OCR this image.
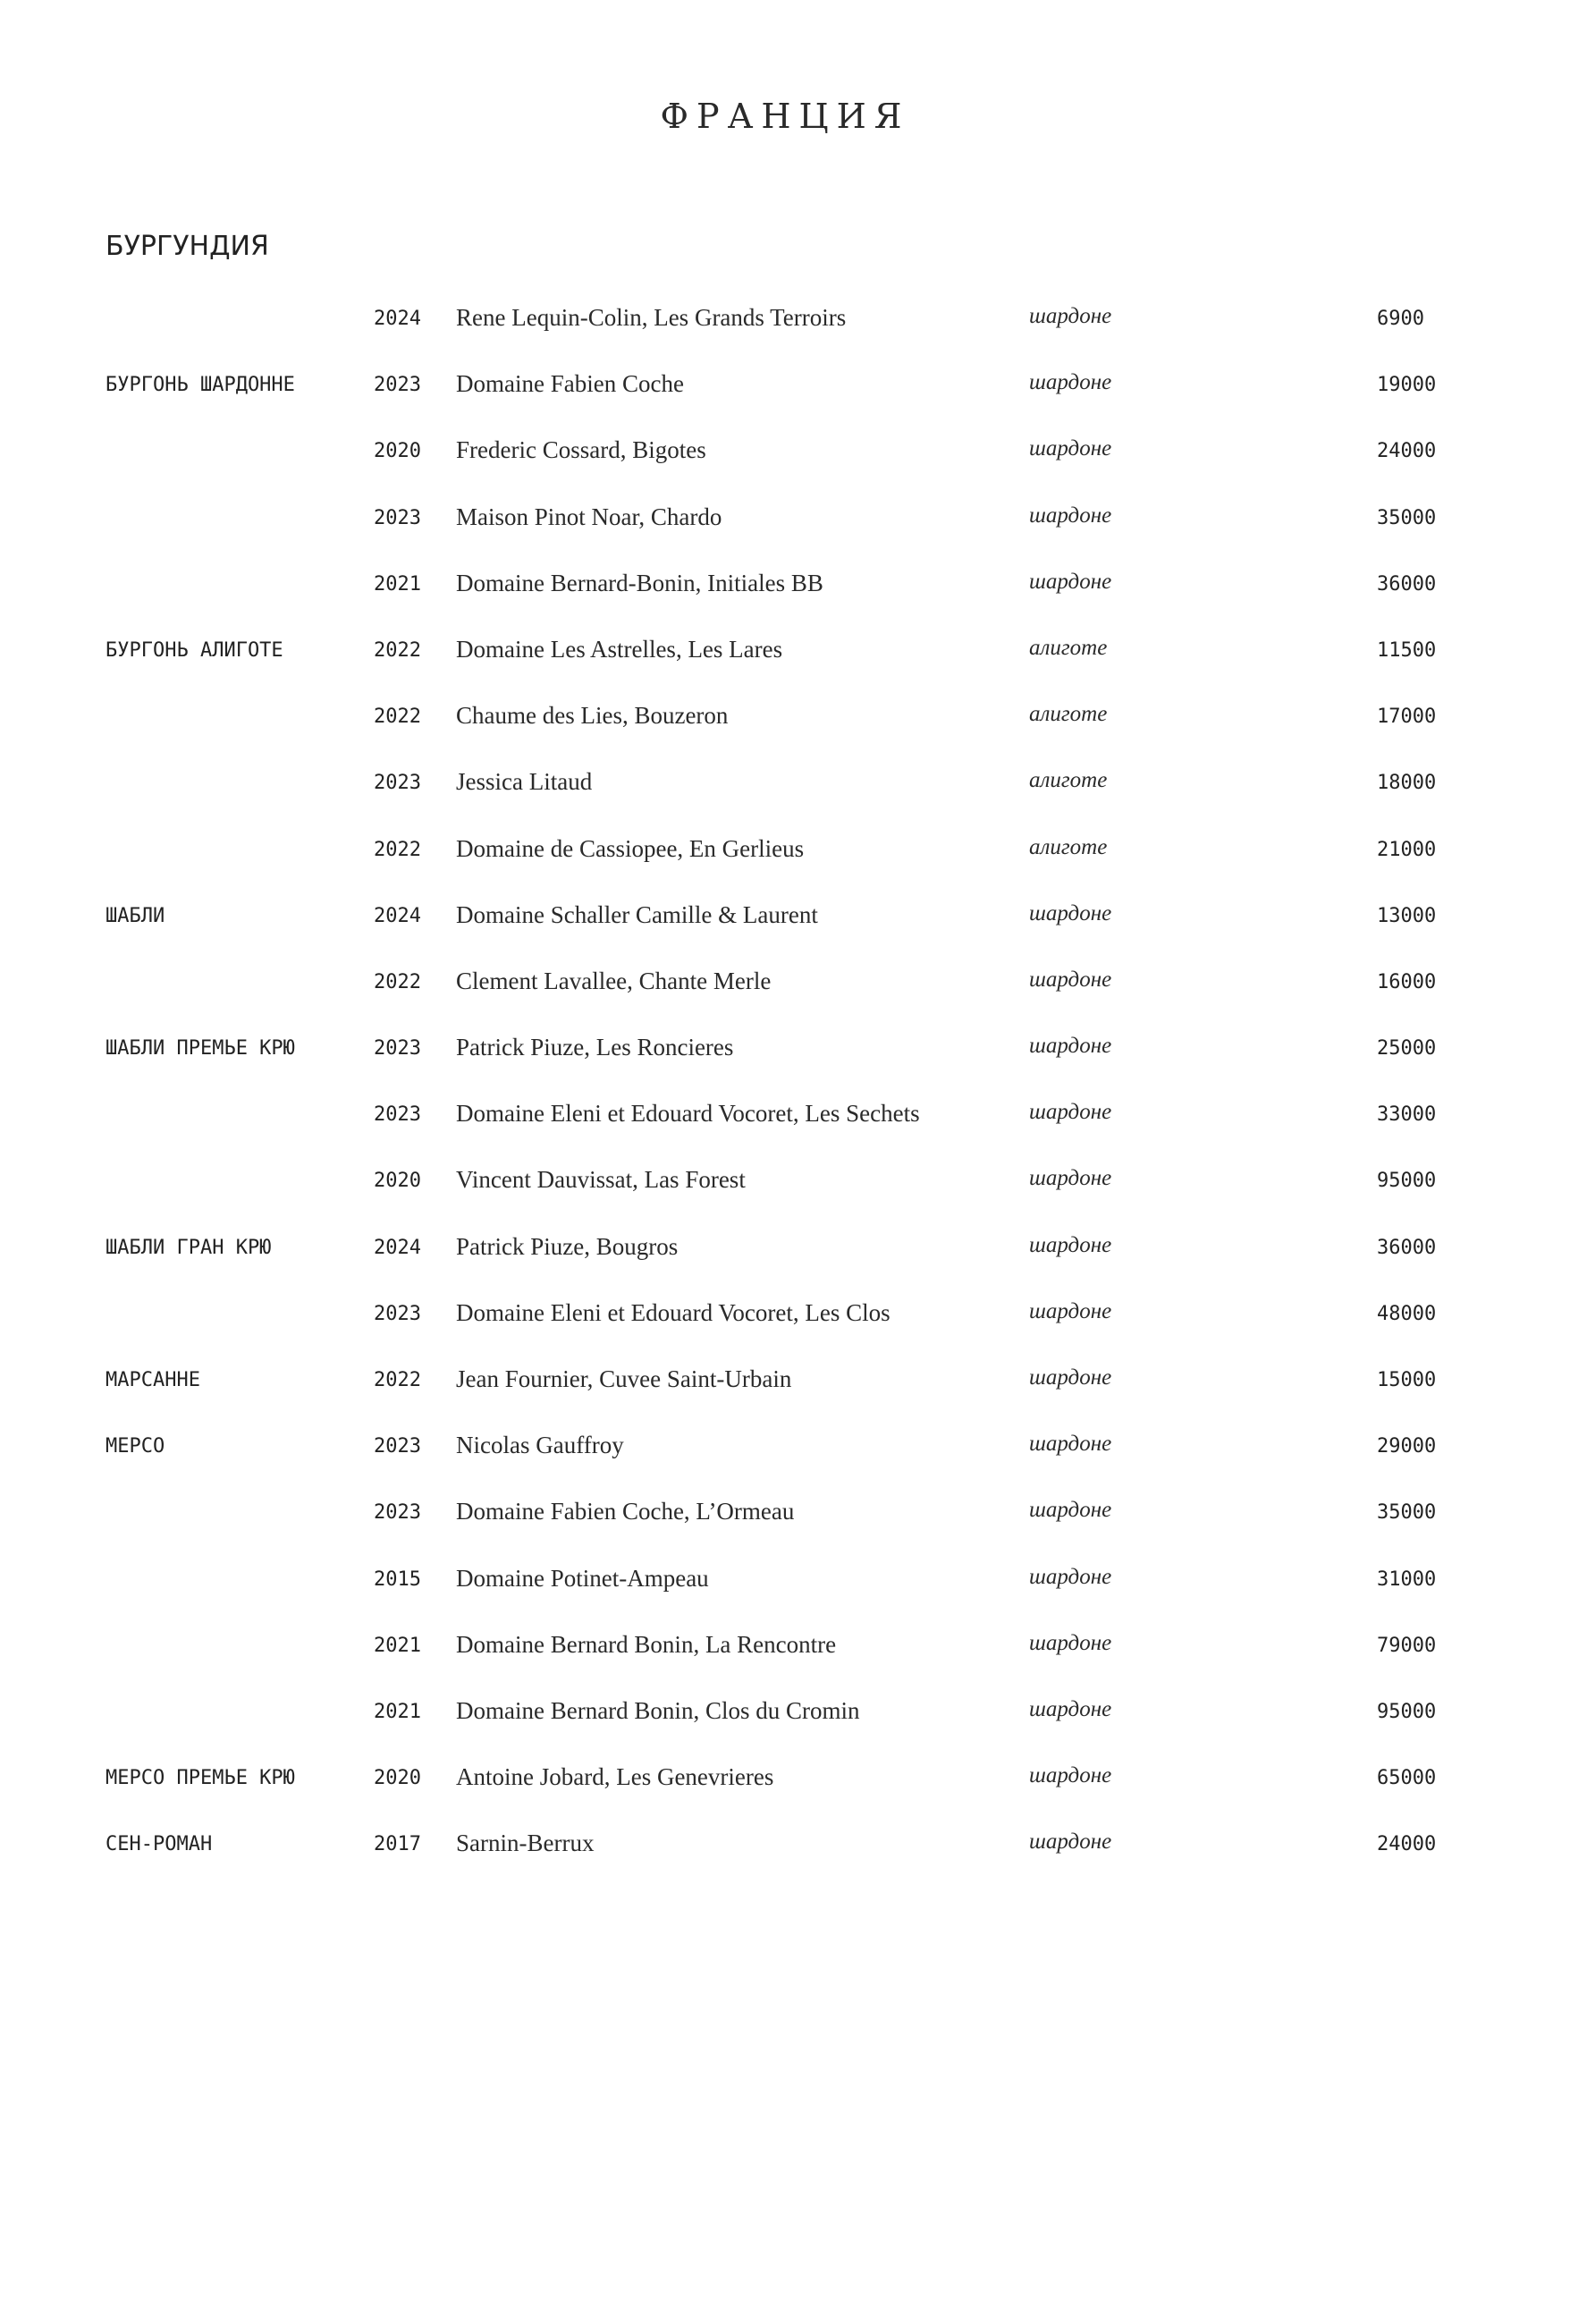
ФРАНЦИЯ
БУРГУНДИЯ
2024 Rene Lequin-Colin, Les Grands Terroirs	шардоне	6900
БУРГОНЬ ШАРДОННЕ	2023 Domaine Fabien Coche	шардоне	19000
2020 Frederic Cossard, Bigotes	шардоне	24000
2023 Maison Pinot Noar, Chardo	шардоне	35000
2021 Domaine Bernard-Bonin, Initiales BB	шардоне	36000
БУРГОНЬ АЛИГОТЕ	2022 Domaine Les Astrelles, Les Lares	алиготе	11500
2022 Chaume des Lies, Bouzeron	алиготе	17000
2023 Jessica Litaud	алиготе	18000
2022 Domaine de Cassiopee, En Gerlieus	алиготе	21000
ШАБЛИ	2024 Domaine Schaller Camille & Laurent	шардоне	13000
2022 Clement Lavallee, Chante Merle	шардоне	16000
ШАБЛИ ПРЕМЬЕ КРЮ	2023 Patrick Piuze, Les Roncieres	шардоне	25000
2023 Domaine Eleni et Edouard Vocoret, Les Sechets	шардоне	33000
2020 Vincent Dauvissat, Las Forest	шардоне	95000
ШАБЛИ ГРАН КРЮ	2024 Patrick Piuze, Bougros	шардоне	36000
2023 Domaine Eleni et Edouard Vocoret, Les Clos	шардоне	48000
МАРСАННЕ	2022 Jean Fournier, Cuvee Saint-Urbain	шардоне	15000
МЕРСО	2023 Nicolas Gauffroy	шардоне	29000
2023 Domaine Fabien Coche, L’Ormeau	шардоне	35000
2015 Domaine Potinet-Ampeau	шардоне	31000
2021 Domaine Bernard Bonin, La Rencontre	шардоне	79000
2021 Domaine Bernard Bonin, Clos du Cromin	шардоне	95000
МЕРСО ПРЕМЬЕ КРЮ	2020 Antoine Jobard, Les Genevrieres	шардоне	65000
СЕН-РОМАН	2017 Sarnin-Berrux	шардоне	24000
